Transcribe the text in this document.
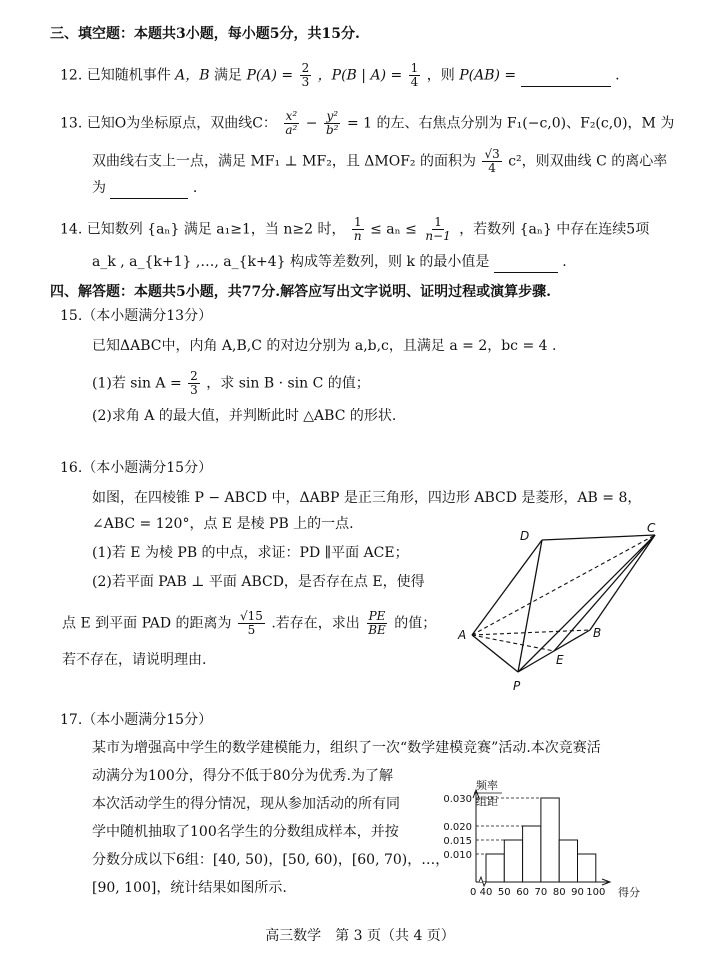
三、填空题：本题共3小题，每小题5分，共15分.
12. 已知随机事件 A，B 满足 $P(A) = \frac{2}{3}$ ，P(B | $A) = \frac{1}{4}$ ，则 P(AB) =	.
13. 已知O为坐标原点，双曲线C： $\frac{\text{x²}}{\text{a²}} - \frac{\text{y²}}{\text{b²}} = 1$ 的左、右焦点分别为 F₁(−c,0)、F₂(c,0)，M 为
双曲线右支上一点，满足 MF₁ ⊥ MF₂，且 ΔMOF₂ 的面积为 $\frac{√3}{4} c^2$，则双曲线 C 的离心率
为	.
14. 已知数列 {aₙ} 满足 a₁≥1，当 n≥2 时， $\frac{1}{n} \le a_n \le \frac{1}{n-1}$ ，若数列 {aₙ} 中存在连续5项
a_k , a_{k+1} ,…, a_{k+4} 构成等差数列，则 k 的最小值是	.
四、解答题：本题共5小题，共77分.解答应写出文字说明、证明过程或演算步骤.
15.（本小题满分13分）
已知ΔABC中，内角 A,B,C 的对边分别为 a,b,c，且满足 a = 2，bc = 4 .
(1)若 $\sin A = \frac{2}{3}$ ，求 sin B · sin C 的值；
(2)求角 A 的最大值，并判断此时 △ABC 的形状.
16.（本小题满分15分）
如图，在四棱锥 P − ABCD 中，ΔABP 是正三角形，四边形 ABCD 是菱形，AB = 8，
∠ABC = 120°，点 E 是棱 PB 上的一点.
(1)若 E 为棱 PB 的中点，求证：PD ∥平面 ACE；
(2)若平面 PAB ⊥ 平面 ABCD，是否存在点 E，使得
点 E 到平面 PAD 的距离为 $\frac{√15}{5}$ .若存在，求出 $\frac{PE}{BE}$ 的值；
若不存在，请说明理由.
D
C
A	B
E
P
17.（本小题满分15分）
某市为增强高中学生的数学建模能力，组织了一次“数学建模竞赛”活动.本次竞赛活
动满分为100分，得分不低于80分为优秀.为了解
本次活动学生的得分情况，现从参加活动的所有同
学中随机抽取了100名学生的分数组成样本，并按
分数分成以下6组：[40, 50)，[50, 60)，[60, 70)，…，
[90, 100]，统计结果如图所示.
频率
组距
0.030
0.020
0.015
0.010
0 40 50 60 70 80 90 100 得分
高三数学　第 3 页（共 4 页）
